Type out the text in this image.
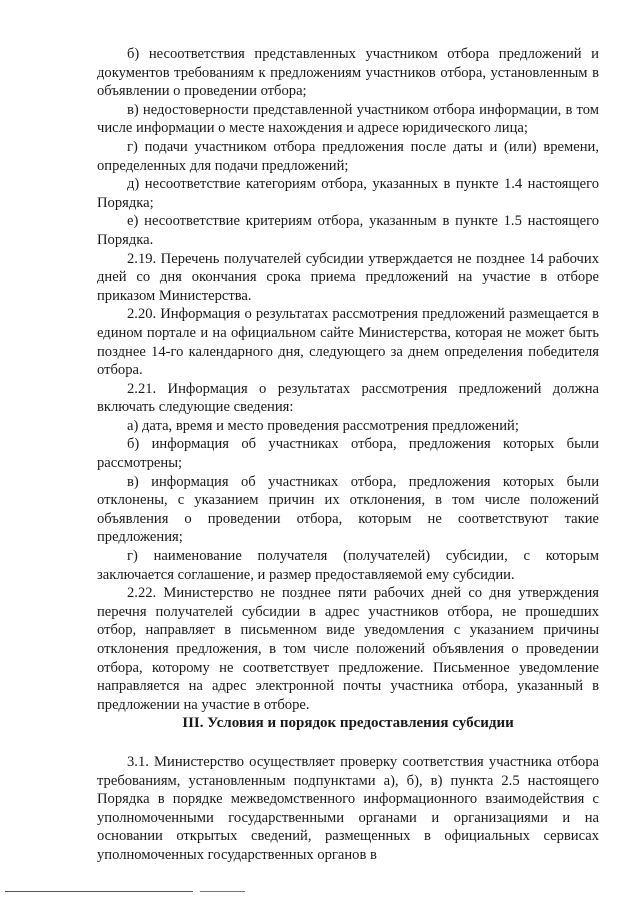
б) несоответствия представленных участником отбора предложений и документов требованиям к предложениям участников отбора, установленным в объявлении о проведении отбора;

в) недостоверности представленной участником отбора информации, в том числе информации о месте нахождения и адресе юридического лица;

г) подачи участником отбора предложения после даты и (или) времени, определенных для подачи предложений;

д) несоответствие категориям отбора, указанных в пункте 1.4 настоящего Порядка;

е) несоответствие критериям отбора, указанным в пункте 1.5 настоящего Порядка.

2.19. Перечень получателей субсидии утверждается не позднее 14 рабочих дней со дня окончания срока приема предложений на участие в отборе приказом Министерства.

2.20. Информация о результатах рассмотрения предложений размещается в едином портале и на официальном сайте Министерства, которая не может быть позднее 14-го календарного дня, следующего за днем определения победителя отбора.

2.21. Информация о результатах рассмотрения предложений должна включать следующие сведения:

а) дата, время и место проведения рассмотрения предложений;

б) информация об участниках отбора, предложения которых были рассмотрены;

в) информация об участниках отбора, предложения которых были отклонены, с указанием причин их отклонения, в том числе положений объявления о проведении отбора, которым не соответствуют такие предложения;

г) наименование получателя (получателей) субсидии, с которым заключается соглашение, и размер предоставляемой ему субсидии.

2.22. Министерство не позднее пяти рабочих дней со дня утверждения перечня получателей субсидии в адрес участников отбора, не прошедших отбор, направляет в письменном виде уведомления с указанием причины отклонения предложения, в том числе положений объявления о проведении отбора, которому не соответствует предложение. Письменное уведомление направляется на адрес электронной почты участника отбора, указанный в предложении на участие в отборе.

III. Условия и порядок предоставления субсидии

3.1. Министерство осуществляет проверку соответствия участника отбора требованиям, установленным подпунктами а), б), в) пункта 2.5 настоящего Порядка в порядке межведомственного информационного взаимодействия с уполномоченными государственными органами и организациями и на основании открытых сведений, размещенных в официальных сервисах уполномоченных государственных органов в
